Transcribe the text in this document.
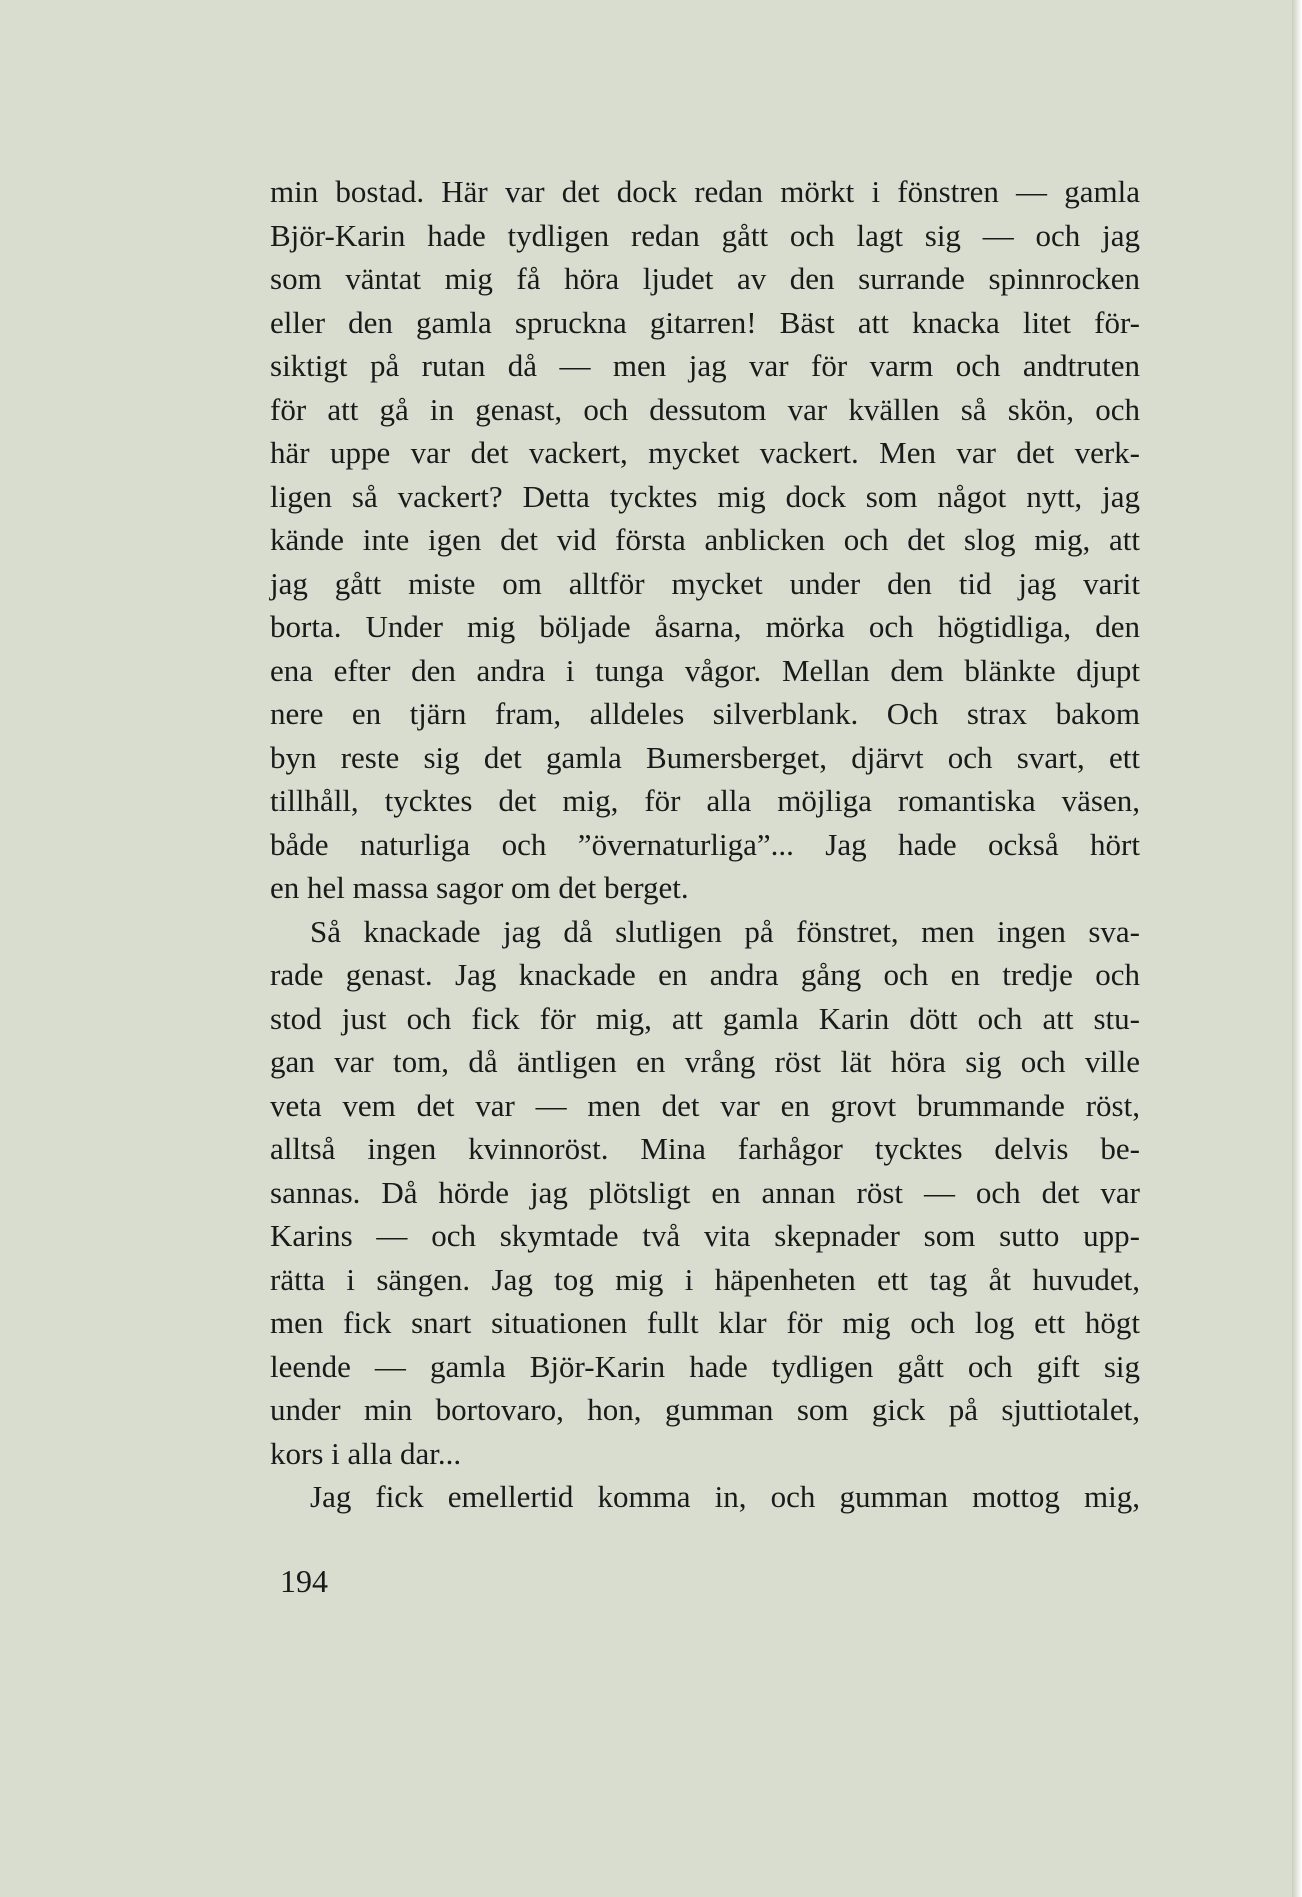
min bostad. Här var det dock redan mörkt i fönstren — gamla
Björ-Karin hade tydligen redan gått och lagt sig — och jag
som väntat mig få höra ljudet av den surrande spinnrocken
eller den gamla spruckna gitarren! Bäst att knacka litet för-
siktigt på rutan då — men jag var för varm och andtruten
för att gå in genast, och dessutom var kvällen så skön, och
här uppe var det vackert, mycket vackert. Men var det verk-
ligen så vackert? Detta tycktes mig dock som något nytt, jag
kände inte igen det vid första anblicken och det slog mig, att
jag gått miste om alltför mycket under den tid jag varit
borta. Under mig böljade åsarna, mörka och högtidliga, den
ena efter den andra i tunga vågor. Mellan dem blänkte djupt
nere en tjärn fram, alldeles silverblank. Och strax bakom
byn reste sig det gamla Bumersberget, djärvt och svart, ett
tillhåll, tycktes det mig, för alla möjliga romantiska väsen,
både naturliga och ”övernaturliga”... Jag hade också hört
en hel massa sagor om det berget.

Så knackade jag då slutligen på fönstret, men ingen sva-
rade genast. Jag knackade en andra gång och en tredje och
stod just och fick för mig, att gamla Karin dött och att stu-
gan var tom, då äntligen en vrång röst lät höra sig och ville
veta vem det var — men det var en grovt brummande röst,
alltså ingen kvinnoröst. Mina farhågor tycktes delvis be-
sannas. Då hörde jag plötsligt en annan röst — och det var
Karins — och skymtade två vita skepnader som sutto upp-
rätta i sängen. Jag tog mig i häpenheten ett tag åt huvudet,
men fick snart situationen fullt klar för mig och log ett högt
leende — gamla Björ-Karin hade tydligen gått och gift sig
under min bortovaro, hon, gumman som gick på sjuttiotalet,
kors i alla dar...

Jag fick emellertid komma in, och gumman mottog mig,

194
